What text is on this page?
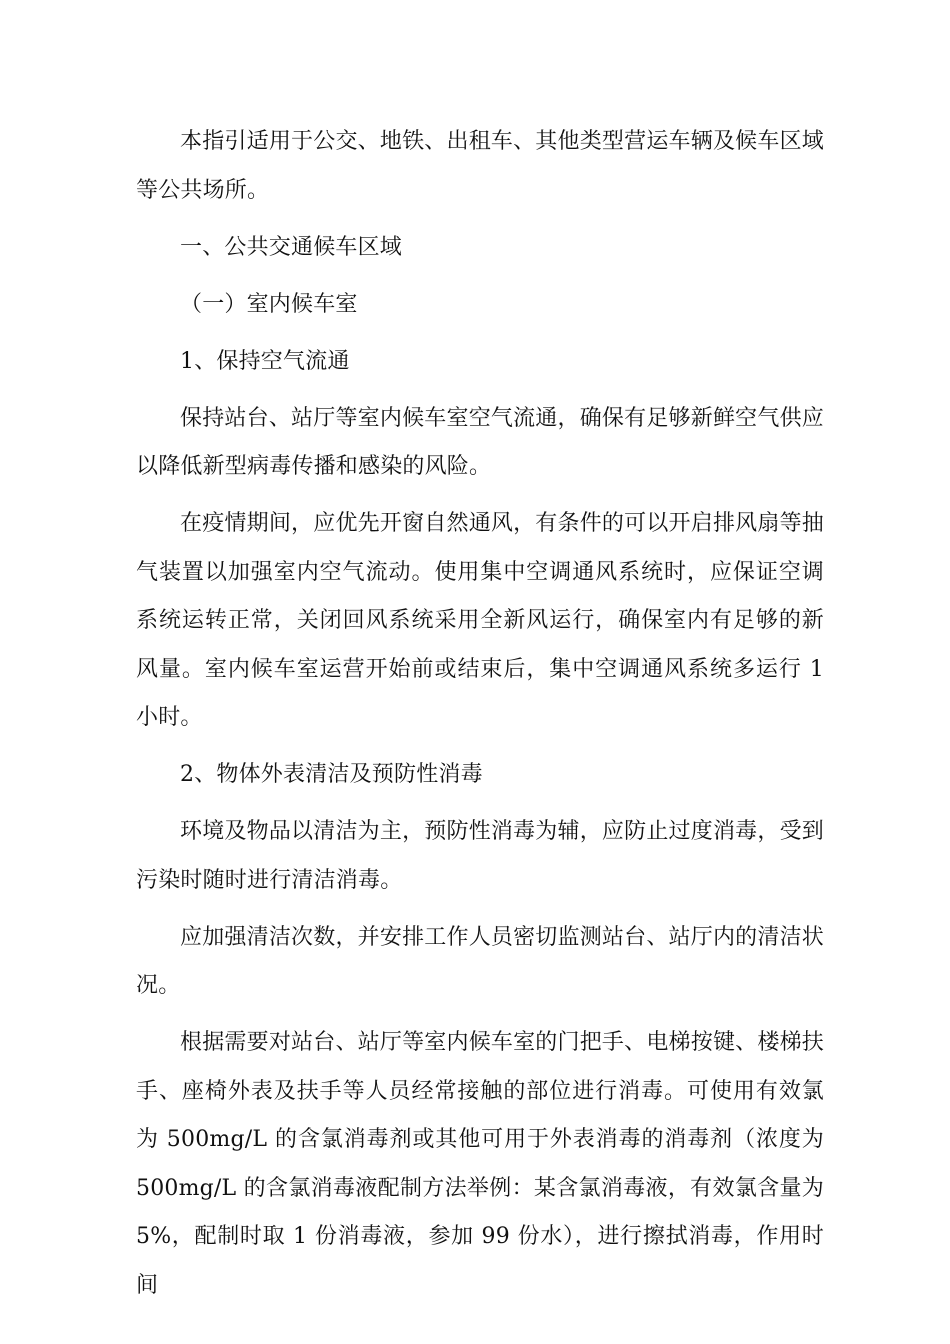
本指引适用于公交、地铁、出租车、其他类型营运车辆及候车区域等公共场所。

一、公共交通候车区域

（一）室内候车室

1、保持空气流通

保持站台、站厅等室内候车室空气流通，确保有足够新鲜空气供应以降低新型病毒传播和感染的风险。

在疫情期间，应优先开窗自然通风，有条件的可以开启排风扇等抽气装置以加强室内空气流动。使用集中空调通风系统时，应保证空调系统运转正常，关闭回风系统采用全新风运行，确保室内有足够的新风量。室内候车室运营开始前或结束后，集中空调通风系统多运行 1 小时。

2、物体外表清洁及预防性消毒

环境及物品以清洁为主，预防性消毒为辅，应防止过度消毒，受到污染时随时进行清洁消毒。

应加强清洁次数，并安排工作人员密切监测站台、站厅内的清洁状况。

根据需要对站台、站厅等室内候车室的门把手、电梯按键、楼梯扶手、座椅外表及扶手等人员经常接触的部位进行消毒。可使用有效氯为 500mg/L 的含氯消毒剂或其他可用于外表消毒的消毒剂（浓度为 500mg/L 的含氯消毒液配制方法举例：某含氯消毒液，有效氯含量为 5%，配制时取 1 份消毒液，参加 99 份水），进行擦拭消毒，作用时间
